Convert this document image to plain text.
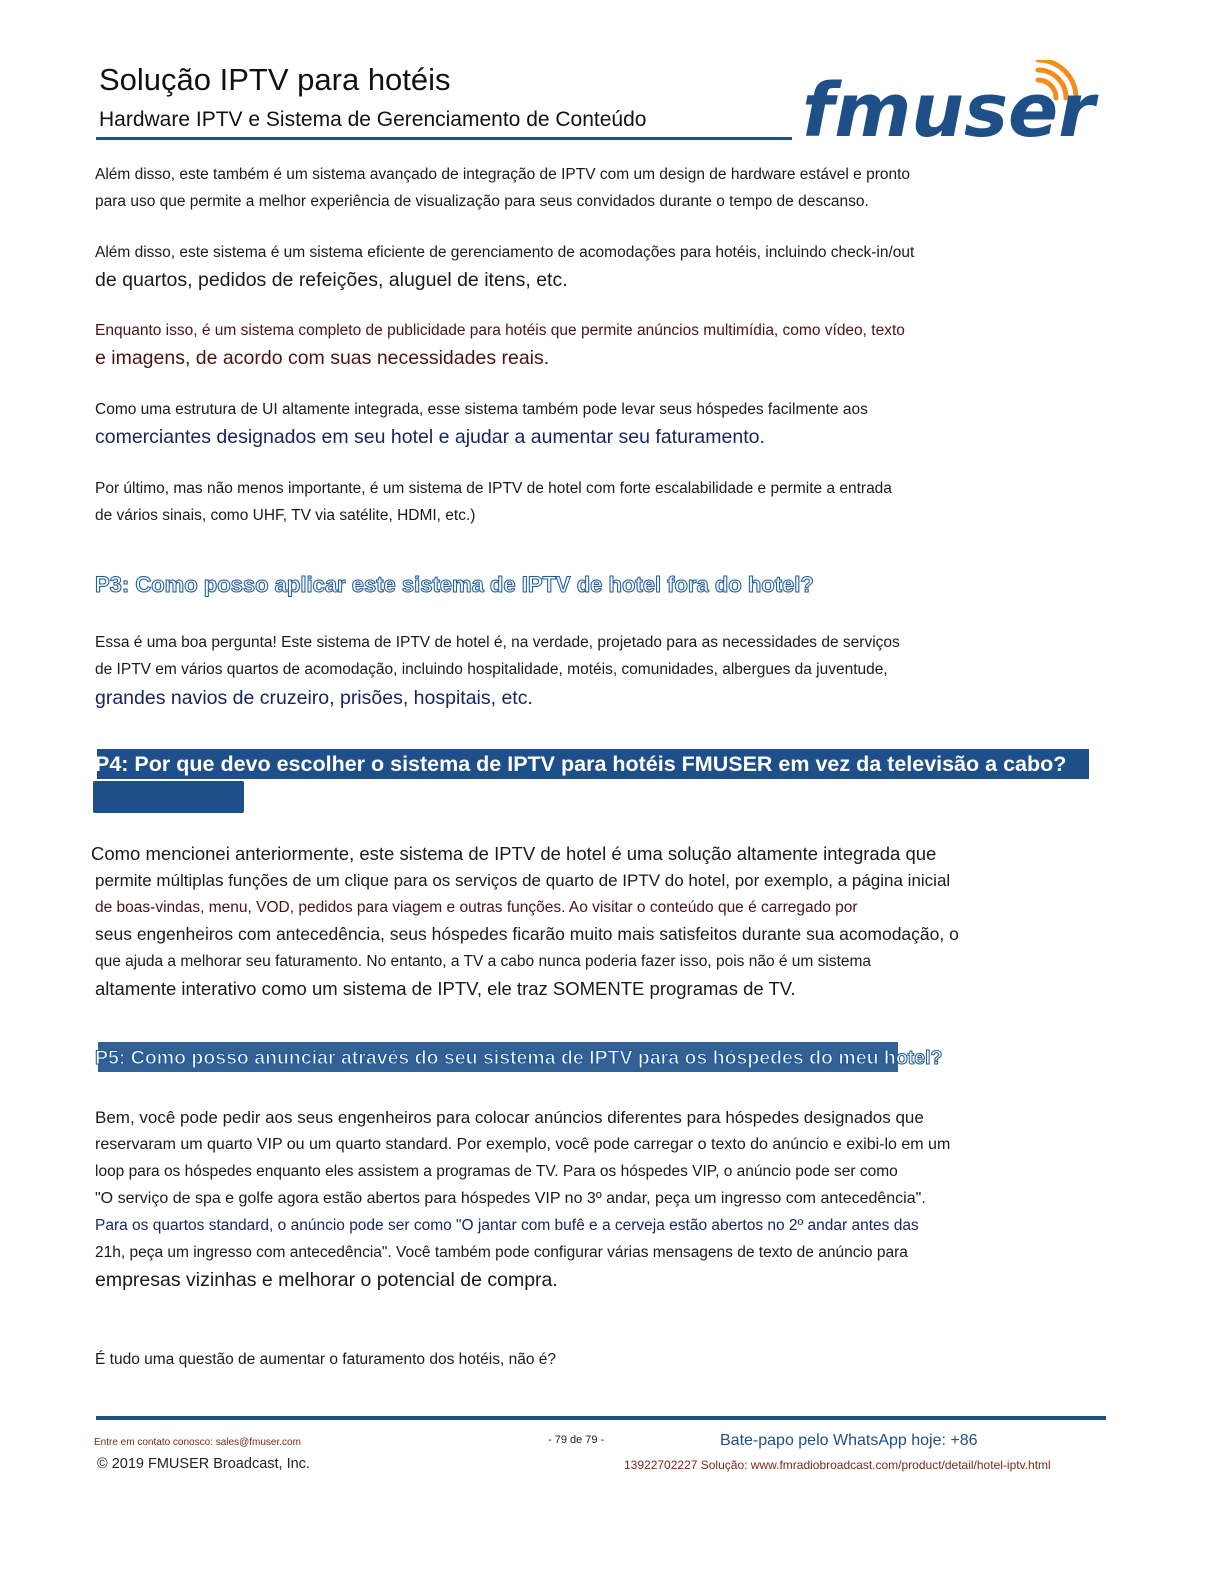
Solução IPTV para hotéis
Hardware IPTV e Sistema de Gerenciamento de Conteúdo fmuser
Além disso, este também é um sistema avançado de integração de IPTV com um design de hardware estável e pronto
para uso que permite a melhor experiência de visualização para seus convidados durante o tempo de descanso.
Além disso, este sistema é um sistema eficiente de gerenciamento de acomodações para hotéis, incluindo check-in/out
de quartos, pedidos de refeições, aluguel de itens, etc.
Enquanto isso, é um sistema completo de publicidade para hotéis que permite anúncios multimídia, como vídeo, texto
e imagens, de acordo com suas necessidades reais.
Como uma estrutura de UI altamente integrada, esse sistema também pode levar seus hóspedes facilmente aos
comerciantes designados em seu hotel e ajudar a aumentar seu faturamento.
Por último, mas não menos importante, é um sistema de IPTV de hotel com forte escalabilidade e permite a entrada
de vários sinais, como UHF, TV via satélite, HDMI, etc.)
P3: Como posso aplicar este sistema de IPTV de hotel fora do hotel?
Essa é uma boa pergunta! Este sistema de IPTV de hotel é, na verdade, projetado para as necessidades de serviços
de IPTV em vários quartos de acomodação, incluindo hospitalidade, motéis, comunidades, albergues da juventude,
grandes navios de cruzeiro, prisões, hospitais, etc.
P4: Por que devo escolher o sistema de IPTV para hotéis FMUSER em vez da televisão a cabo?
Como mencionei anteriormente, este sistema de IPTV de hotel é uma solução altamente integrada que
permite múltiplas funções de um clique para os serviços de quarto de IPTV do hotel, por exemplo, a página inicial
de boas-vindas, menu, VOD, pedidos para viagem e outras funções. Ao visitar o conteúdo que é carregado por
seus engenheiros com antecedência, seus hóspedes ficarão muito mais satisfeitos durante sua acomodação, o
que ajuda a melhorar seu faturamento. No entanto, a TV a cabo nunca poderia fazer isso, pois não é um sistema
altamente interativo como um sistema de IPTV, ele traz SOMENTE programas de TV.
P5: Como posso anunciar através do seu sistema de IPTV para os hóspedes do meu hotel?
Bem, você pode pedir aos seus engenheiros para colocar anúncios diferentes para hóspedes designados que
reservaram um quarto VIP ou um quarto standard. Por exemplo, você pode carregar o texto do anúncio e exibi-lo em um
loop para os hóspedes enquanto eles assistem a programas de TV. Para os hóspedes VIP, o anúncio pode ser como
"O serviço de spa e golfe agora estão abertos para hóspedes VIP no 3º andar, peça um ingresso com antecedência".
Para os quartos standard, o anúncio pode ser como "O jantar com bufê e a cerveja estão abertos no 2º andar antes das
21h, peça um ingresso com antecedência". Você também pode configurar várias mensagens de texto de anúncio para
empresas vizinhas e melhorar o potencial de compra.
É tudo uma questão de aumentar o faturamento dos hotéis, não é?
Entre em contato conosco: sales@fmuser.com
© 2019 FMUSER Broadcast, Inc.
- 79 de 79 -	Bate-papo pelo WhatsApp hoje: +86
13922702227 Solução: www.fmradiobroadcast.com/product/detail/hotel-iptv.html
